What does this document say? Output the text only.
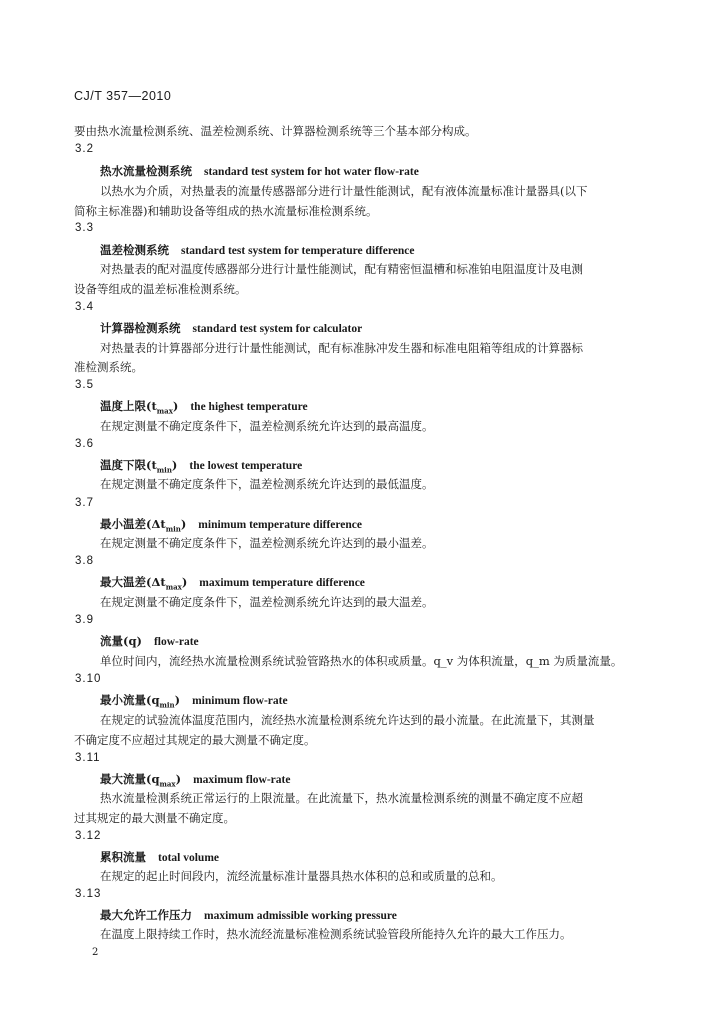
CJ/T 357—2010
要由热水流量检测系统、温差检测系统、计算器检测系统等三个基本部分构成。
3.2
热水流量检测系统 standard test system for hot water flow-rate
以热水为介质，对热量表的流量传感器部分进行计量性能测试，配有液体流量标准计量器具(以下
简称主标准器)和辅助设备等组成的热水流量标准检测系统。
3.3
温差检测系统 standard test system for temperature difference
对热量表的配对温度传感器部分进行计量性能测试，配有精密恒温槽和标准铂电阻温度计及电测
设备等组成的温差标准检测系统。
3.4
计算器检测系统 standard test system for calculator
对热量表的计算器部分进行计量性能测试，配有标准脉冲发生器和标准电阻箱等组成的计算器标
准检测系统。
3.5
温度上限$(t_{max})$ the highest temperature
在规定测量不确定度条件下，温差检测系统允许达到的最高温度。
3.6
温度下限$(t_{min})$ the lowest temperature
在规定测量不确定度条件下，温差检测系统允许达到的最低温度。
3.7
最小温差$(\Delta t_{min})$ minimum temperature difference
在规定测量不确定度条件下，温差检测系统允许达到的最小温差。
3.8
最大温差$(\Delta t_{max})$ maximum temperature difference
在规定测量不确定度条件下，温差检测系统允许达到的最大温差。
3.9
流量(q) flow-rate
单位时间内，流经热水流量检测系统试验管路热水的体积或质量。q_v 为体积流量，q_m 为质量流量。
3.10
最小流量$(q_{min})$ minimum flow-rate
在规定的试验流体温度范围内，流经热水流量检测系统允许达到的最小流量。在此流量下，其测量
不确定度不应超过其规定的最大测量不确定度。
3.11
最大流量$(q_{max})$ maximum flow-rate
热水流量检测系统正常运行的上限流量。在此流量下，热水流量检测系统的测量不确定度不应超
过其规定的最大测量不确定度。
3.12
累积流量 total volume
在规定的起止时间段内，流经流量标准计量器具热水体积的总和或质量的总和。
3.13
最大允许工作压力 maximum admissible working pressure
在温度上限持续工作时，热水流经流量标准检测系统试验管段所能持久允许的最大工作压力。
2
